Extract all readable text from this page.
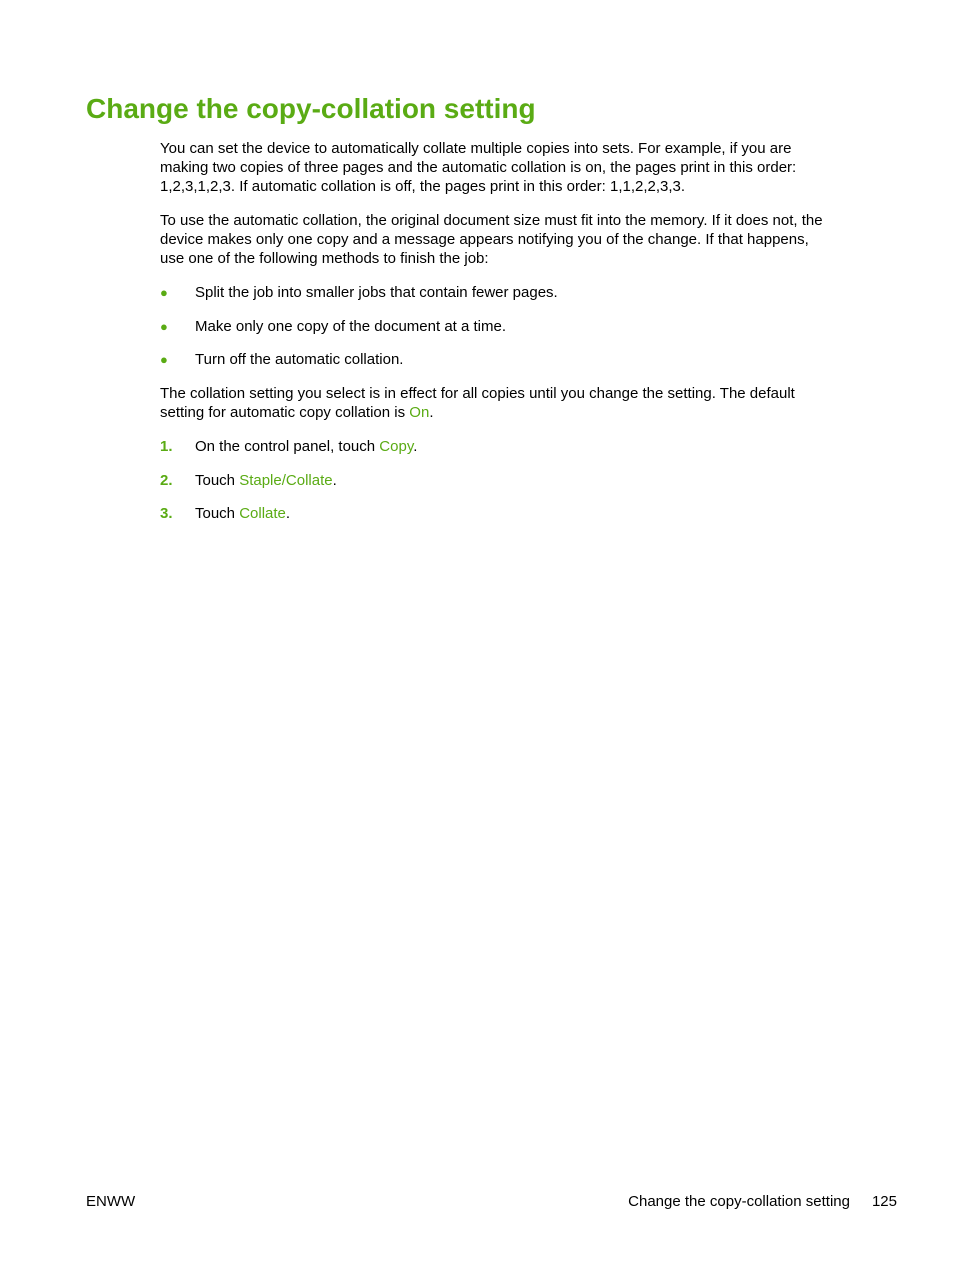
Change the copy-collation setting

You can set the device to automatically collate multiple copies into sets. For example, if you are
making two copies of three pages and the automatic collation is on, the pages print in this order:
1,2,3,1,2,3. If automatic collation is off, the pages print in this order: 1,1,2,2,3,3.

To use the automatic collation, the original document size must fit into the memory. If it does not, the
device makes only one copy and a message appears notifying you of the change. If that happens,
use one of the following methods to finish the job:

●	Split the job into smaller jobs that contain fewer pages.
●	Make only one copy of the document at a time.
●	Turn off the automatic collation.

The collation setting you select is in effect for all copies until you change the setting. The default
setting for automatic copy collation is On.

1. On the control panel, touch Copy.
2. Touch Staple/Collate.
3. Touch Collate.
ENWW	Change the copy-collation setting 125
